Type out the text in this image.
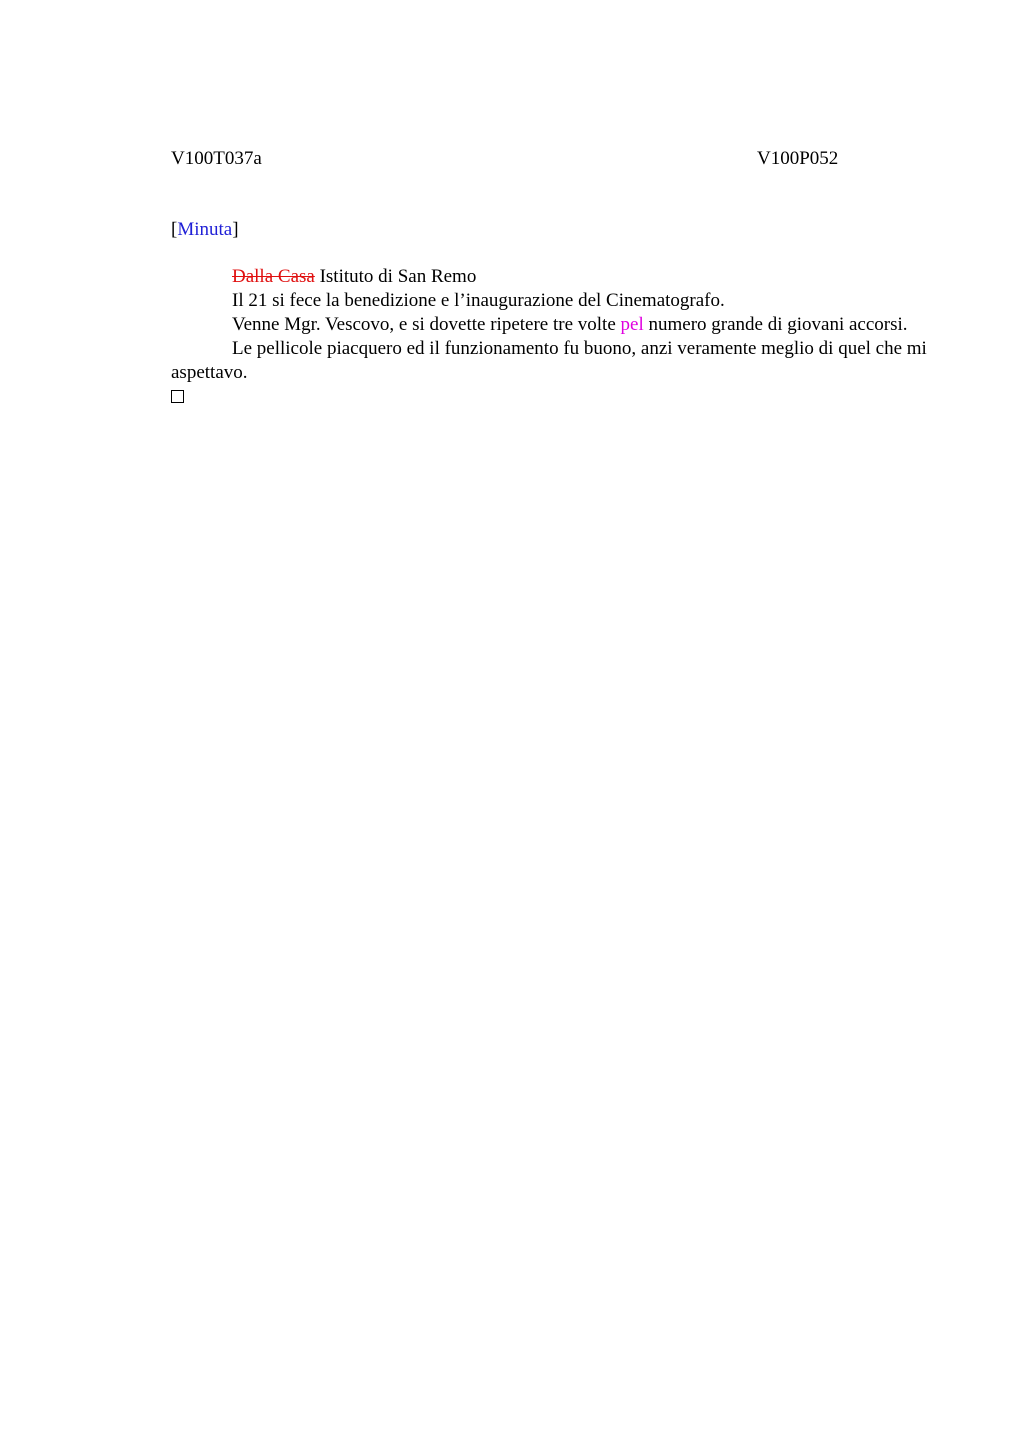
V100T037a	V100P052
[Minuta]

Dalla Casa Istituto di San Remo

Il 21 si fece la benedizione e l’inaugurazione del Cinematografo.

Venne Mgr. Vescovo, e si dovette ripetere tre volte pel numero grande di giovani accorsi.

Le pellicole piacquero ed il funzionamento fu buono, anzi veramente meglio di quel che mi aspettavo.
